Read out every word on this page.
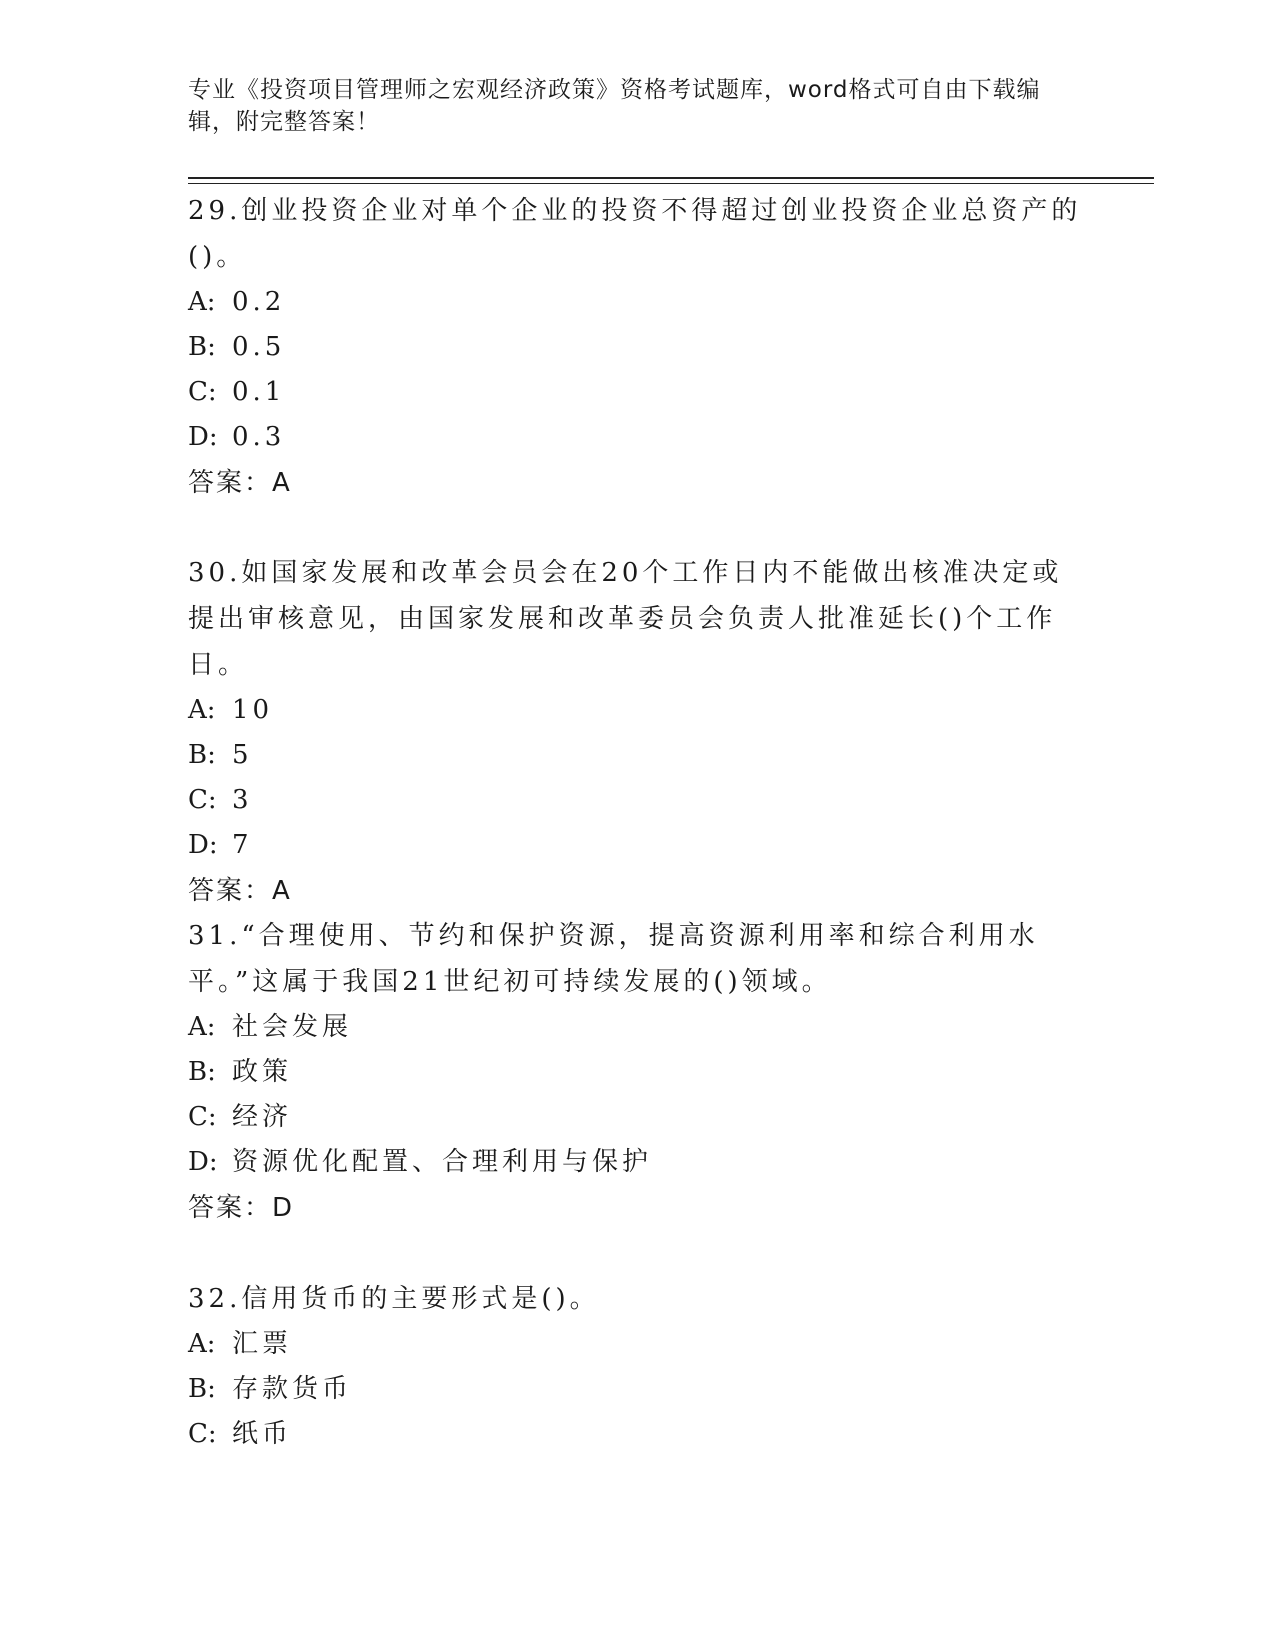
专业《投资项目管理师之宏观经济政策》资格考试题库，word格式可自由下载编辑，附完整答案！

29.创业投资企业对单个企业的投资不得超过创业投资企业总资产的()。

A: 0.2

B: 0.5

C: 0.1

D: 0.3

答案：A

30.如国家发展和改革会员会在20个工作日内不能做出核准决定或提出审核意见，由国家发展和改革委员会负责人批准延长()个工作日。

A: 10

B: 5

C: 3

D: 7

答案：A

31.“合理使用、节约和保护资源，提高资源利用率和综合利用水平。”这属于我国21世纪初可持续发展的()领域。

A: 社会发展

B: 政策

C: 经济

D: 资源优化配置、合理利用与保护

答案：D

32.信用货币的主要形式是()。

A: 汇票

B: 存款货币

C: 纸币
